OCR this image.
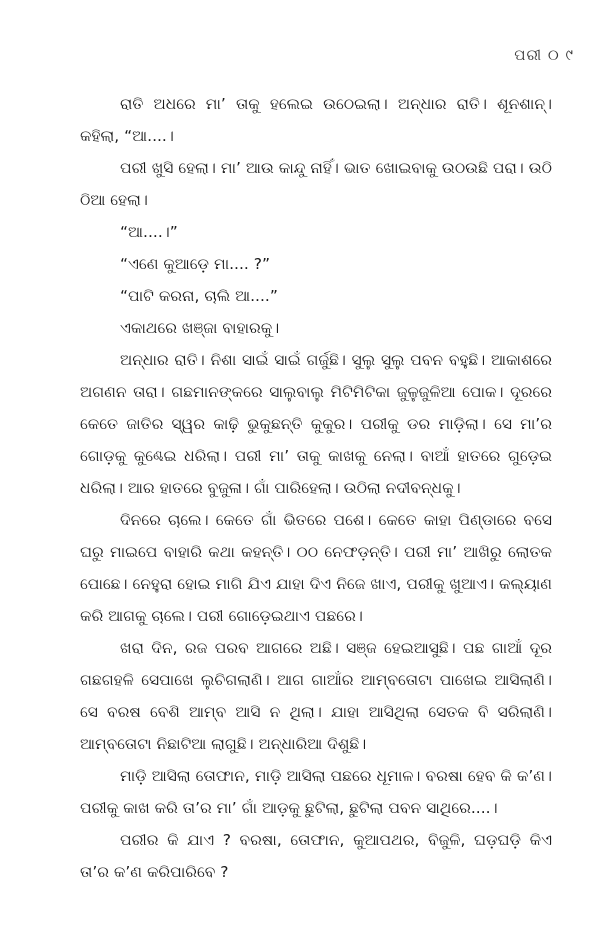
ପରୀ ୦ ୯

ରାତି ଅଧରେ ମା’ ତାକୁ ହଲେଇ ଉଠେଇଲା। ଅନ୍ଧାର ରାତି। ଶୂନଶାନ୍। କହିଲା, “ଆ....।

ପରୀ ଖୁସି ହେଲା। ମା’ ଆଉ କାନ୍ଦୁ ନାହିଁ। ଭାତ ଖୋଇବାକୁ ଉଠଉଛି ପରା। ଉଠି ଠିଆ ହେଲା।

“ଆ....।”

“ଏଣେ କୁଆଡ଼େ ମା.... ?”

“ପାଟି କରନା, ଚାଲି ଆ....”

ଏକାଥରେ ଖଞ୍ଜା ବାହାରକୁ।

ଅନ୍ଧାର ରାତି। ନିଶା ସାଇଁ ସାଇଁ ଗର୍ଜୁଛି। ସୁଲୁ ସୁଲୁ ପବନ ବହୁଛି। ଆକାଶରେ ଅଗଣନ ତାରା। ଗଛମାନଙ୍କରେ ସାଲୁବାଲୁ ମିଟିମିଟିକା ଜୁଳୁଜୁଳିଆ ପୋକ। ଦୂରରେ କେତେ ଜାତିର ସ୍ୱର କାଢ଼ି ଭୁକୁଛନ୍ତି କୁକୁର। ପରୀକୁ ଡର ମାଡ଼ିଲା। ସେ ମା’ର ଗୋଡ଼କୁ କୁଣ୍ଢେଇ ଧରିଲା। ପରୀ ମା’ ତାକୁ କାଖକୁ ନେଲା। ବାଆଁ ହାତରେ ଗୁଡ଼େଇ ଧରିଲା। ଆର ହାତରେ ବୁଜୁଳା। ଗାଁ ପାରିହେଲା। ଉଠିଲା ନଦୀବନ୍ଧକୁ।

ଦିନରେ ଚାଲେ। କେତେ ଗାଁ ଭିତରେ ପଶେ। କେତେ କାହା ପିଣ୍ଡାରେ ବସେ ଘରୁ ମାଇପେ ବାହାରି କଥା କହନ୍ତି। ୦ଠ ନେଫଡ଼ନ୍ତି। ପରୀ ମା’ ଆଖିରୁ ଲୋତକ ପୋଛେ। ନେହୁରା ହୋଇ ମାଗି ଯିଏ ଯାହା ଦିଏ ନିଜେ ଖାଏ, ପରୀକୁ ଖୁଆଏ। କଲ୍ୟାଣ କରି ଆଗକୁ ଚାଲେ। ପରୀ ଗୋଡ଼େଇଥାଏ ପଛରେ।

ଖରା ଦିନ, ରଜ ପରବ ଆଗରେ ଅଛି। ସଞ୍ଜ ହେଇଆସୁଛି। ପଛ ଗାଆଁ ଦୂର ଗଛଗହଳି ସେପାଖେ ଲୁଚିଗଲାଣି। ଆଗ ଗାଆଁର ଆମ୍ବତୋଟା ପାଖେଇ ଆସିଲାଣି। ସେ ବରଷ ବେଶି ଆମ୍ବ ଆସି ନ ଥିଲା। ଯାହା ଆସିଥିଲା ସେତକ ବି ସରିଲାଣି। ଆମ୍ବତୋଟା ନିଛାଟିଆ ଲାଗୁଛି। ଅନ୍ଧାରିଆ ଦିଶୁଛି।

ମାଡ଼ି ଆସିଲା ତୋଫାନ, ମାଡ଼ି ଆସିଲା ପଛରେ ଧୂମାଳ। ବରଷା ହେବ କି କ’ଣ। ପରୀକୁ କାଖ କରି ତା’ର ମା’ ଗାଁ ଆଡ଼କୁ ଛୁଟିଲା, ଛୁଟିଲା ପବନ ସାଥିରେ....।

ପରୀର କି ଯାଏ ? ବରଷା, ତୋଫାନ, କୁଆପଥର, ବିଜୁଳି, ଘଡ଼ଘଡ଼ି କିଏ ତା’ର କ’ଣ କରିପାରିବେ ?
